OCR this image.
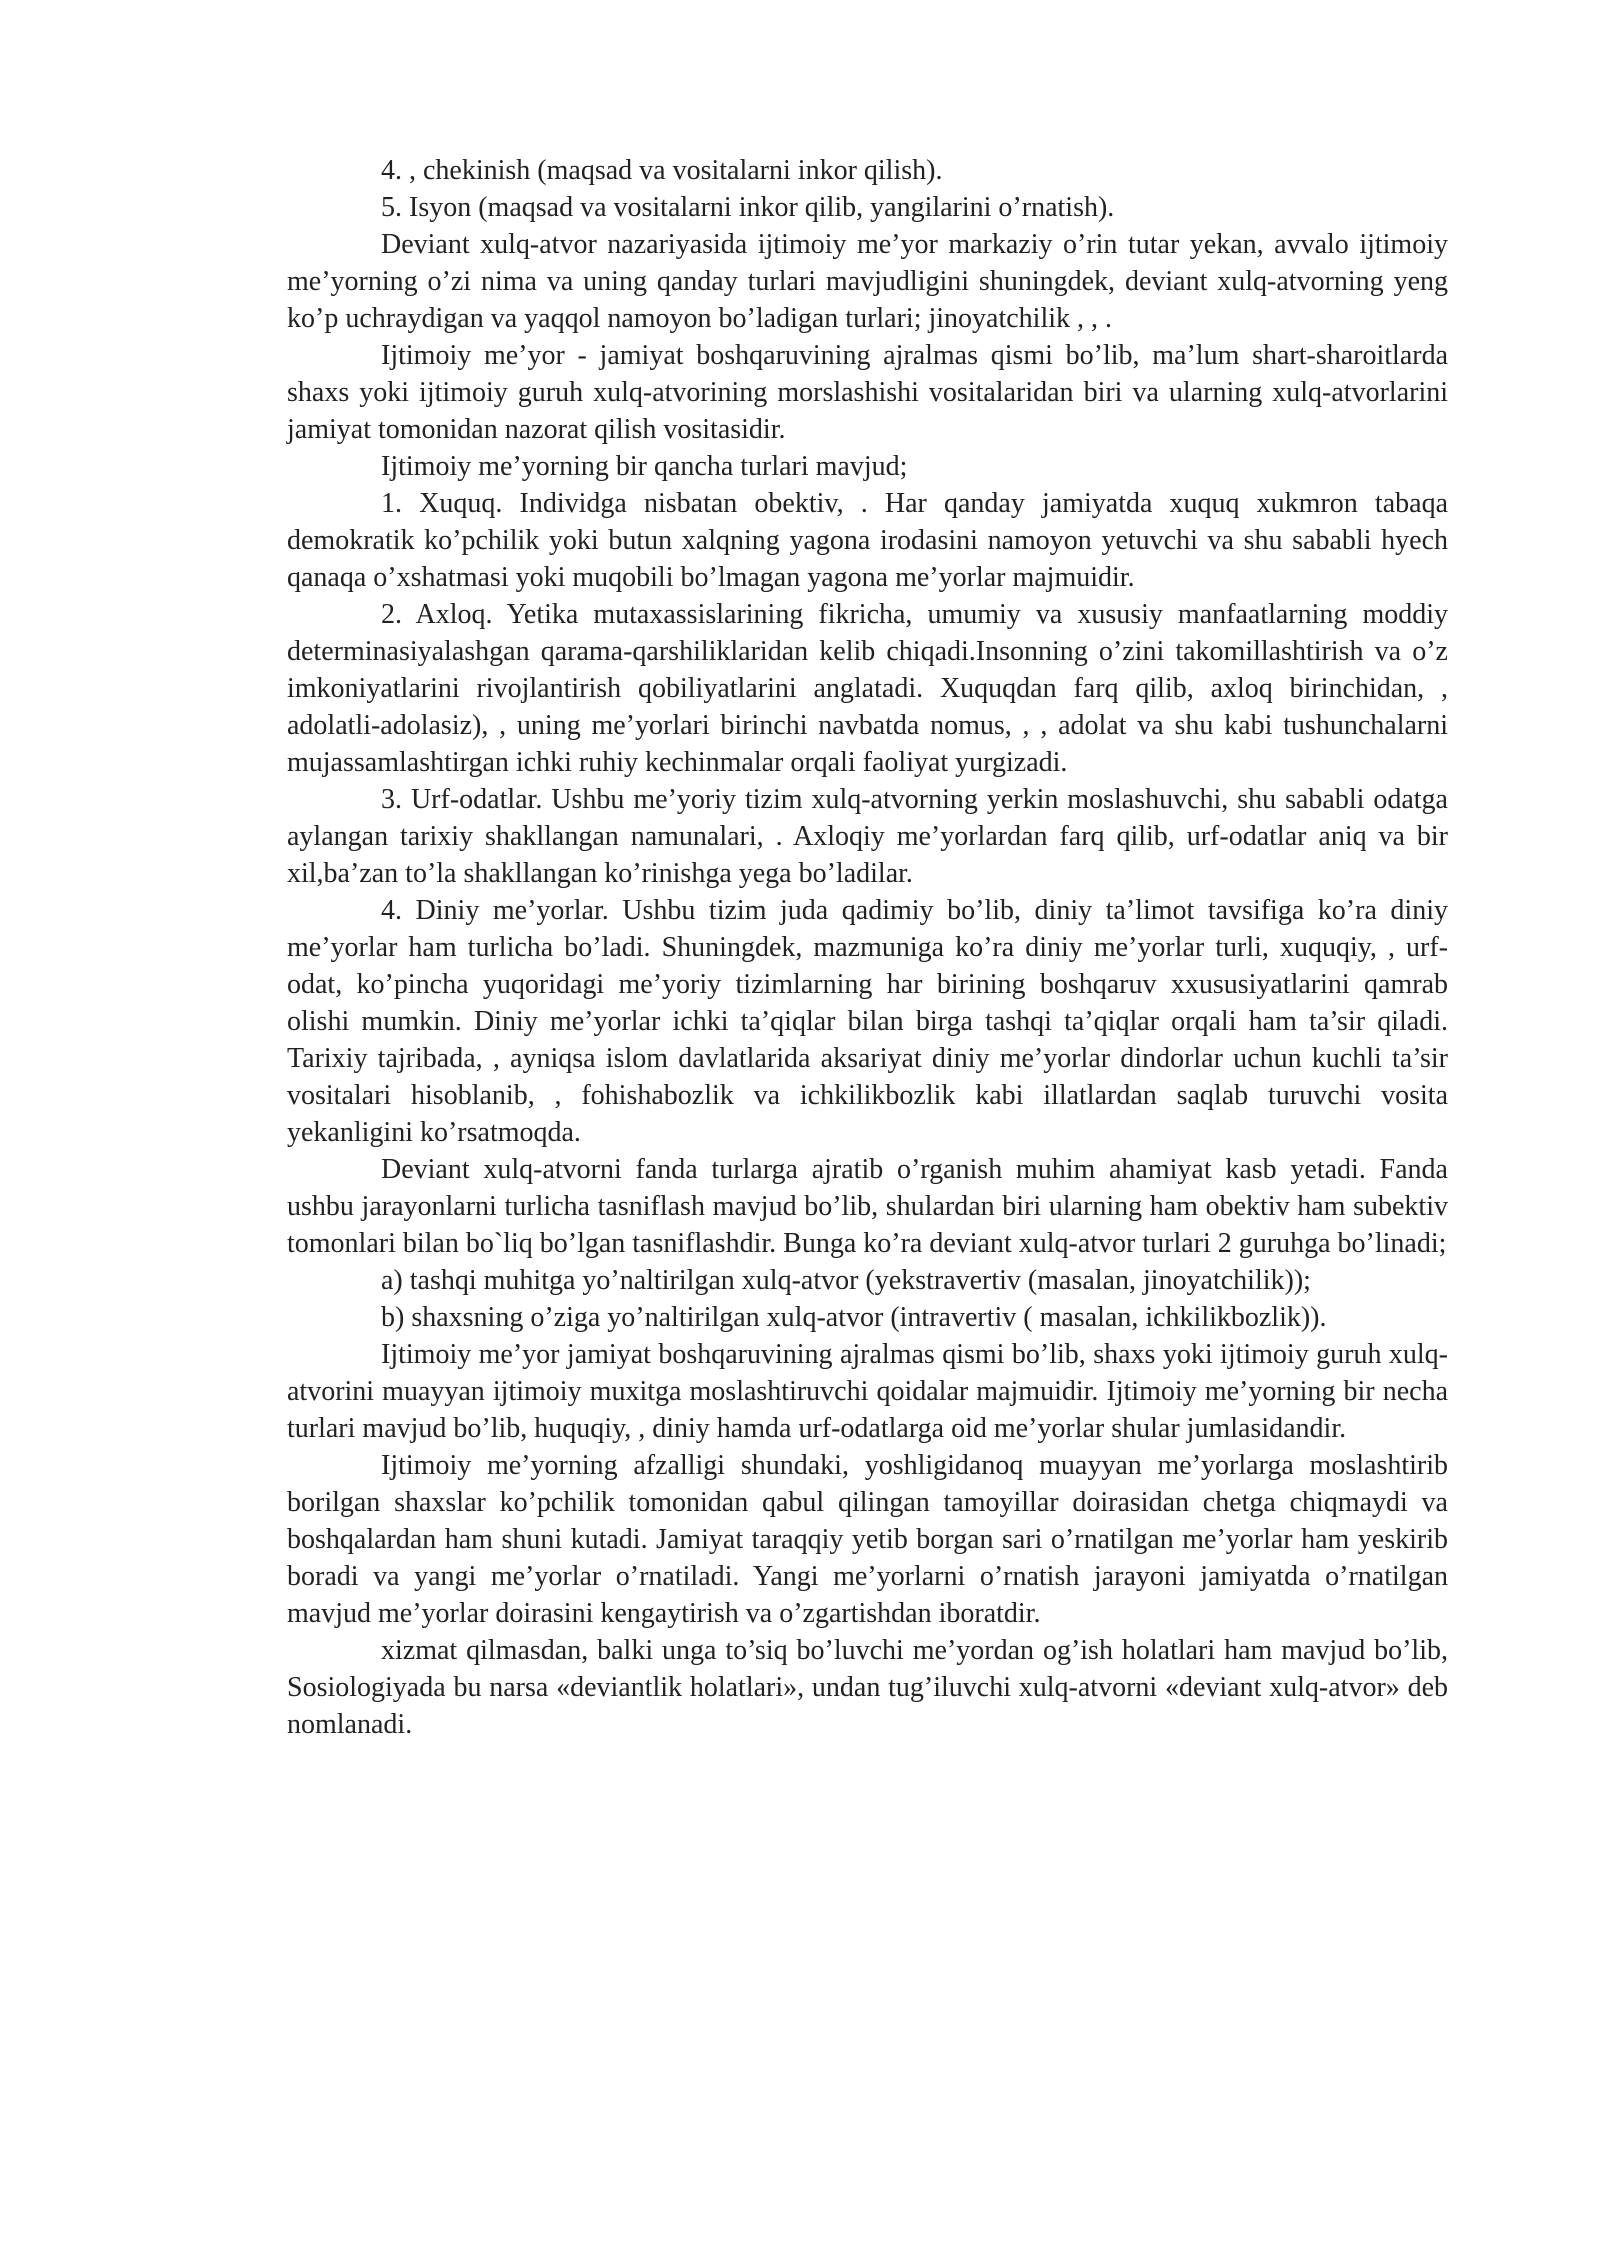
4. , chekinish (maqsad va vositalarni inkor qilish).

5. Isyon (maqsad va vositalarni inkor qilib, yangilarini o’rnatish).

Deviant xulq-atvor nazariyasida ijtimoiy me’yor markaziy o’rin tutar yekan, avvalo ijtimoiy me’yorning o’zi nima va uning qanday turlari mavjudligini shuningdek, deviant xulq-atvorning yeng ko’p uchraydigan va yaqqol namoyon bo’ladigan turlari; jinoyatchilik , , .

Ijtimoiy me’yor - jamiyat boshqaruvining ajralmas qismi bo’lib, ma’lum shart-sharoitlarda shaxs yoki ijtimoiy guruh xulq-atvorining morslashishi vositalaridan biri va ularning xulq-atvorlarini jamiyat tomonidan nazorat qilish vositasidir.

Ijtimoiy me’yorning bir qancha turlari mavjud;

1. Xuquq. Individga nisbatan obektiv, . Har qanday jamiyatda xuquq xukmron tabaqa demokratik ko’pchilik yoki butun xalqning yagona irodasini namoyon yetuvchi va shu sababli hyech qanaqa o’xshatmasi yoki muqobili bo’lmagan yagona me’yorlar majmuidir.

2. Axloq. Yetika mutaxassislarining fikricha, umumiy va xususiy manfaatlarning moddiy determinasiyalashgan qarama-qarshiliklaridan kelib chiqadi.Insonning o’zini takomillashtirish va o’z imkoniyatlarini rivojlantirish qobiliyatlarini anglatadi. Xuquqdan farq qilib, axloq birinchidan, , adolatli-adolasiz), , uning me’yorlari birinchi navbatda nomus, , , adolat va shu kabi tushunchalarni mujassamlashtirgan ichki ruhiy kechinmalar orqali faoliyat yurgizadi.

3. Urf-odatlar. Ushbu me’yoriy tizim xulq-atvorning yerkin moslashuvchi, shu sababli odatga aylangan tarixiy shakllangan namunalari, . Axloqiy me’yorlardan farq qilib, urf-odatlar aniq va bir xil,ba’zan to’la shakllangan ko’rinishga yega bo’ladilar.

4. Diniy me’yorlar. Ushbu tizim juda qadimiy bo’lib, diniy ta’limot tavsifiga ko’ra diniy me’yorlar ham turlicha bo’ladi. Shuningdek, mazmuniga ko’ra diniy me’yorlar turli, xuquqiy, , urf-odat, ko’pincha yuqoridagi me’yoriy tizimlarning har birining boshqaruv xxususiyatlarini qamrab olishi mumkin. Diniy me’yorlar ichki ta’qiqlar bilan birga tashqi ta’qiqlar orqali ham ta’sir qiladi. Tarixiy tajribada, , ayniqsa islom davlatlarida aksariyat diniy me’yorlar dindorlar uchun kuchli ta’sir vositalari hisoblanib, , fohishabozlik va ichkilikbozlik kabi illatlardan saqlab turuvchi vosita yekanligini ko’rsatmoqda.

Deviant xulq-atvorni fanda turlarga ajratib o’rganish muhim ahamiyat kasb yetadi. Fanda ushbu jarayonlarni turlicha tasniflash mavjud bo’lib, shulardan biri ularning ham obektiv ham subektiv tomonlari bilan bo`liq bo’lgan tasniflashdir. Bunga ko’ra deviant xulq-atvor turlari 2 guruhga bo’linadi;

a) tashqi muhitga yo’naltirilgan xulq-atvor (yekstravertiv (masalan, jinoyatchilik));

b) shaxsning o’ziga yo’naltirilgan xulq-atvor (intravertiv ( masalan, ichkilikbozlik)).

Ijtimoiy me’yor jamiyat boshqaruvining ajralmas qismi bo’lib, shaxs yoki ijtimoiy guruh xulq-atvorini muayyan ijtimoiy muxitga moslashtiruvchi qoidalar majmuidir. Ijtimoiy me’yorning bir necha turlari mavjud bo’lib, huquqiy, , diniy hamda urf-odatlarga oid me’yorlar shular jumlasidandir.

Ijtimoiy me’yorning afzalligi shundaki, yoshligidanoq muayyan me’yorlarga moslashtirib borilgan shaxslar ko’pchilik tomonidan qabul qilingan tamoyillar doirasidan chetga chiqmaydi va boshqalardan ham shuni kutadi. Jamiyat taraqqiy yetib borgan sari o’rnatilgan me’yorlar ham yeskirib boradi va yangi me’yorlar o’rnatiladi. Yangi me’yorlarni o’rnatish jarayoni jamiyatda o’rnatilgan mavjud me’yorlar doirasini kengaytirish va o’zgartishdan iboratdir.

xizmat qilmasdan, balki unga to’siq bo’luvchi me’yordan og’ish holatlari ham mavjud bo’lib, Sosiologiyada bu narsa «deviantlik holatlari», undan tug’iluvchi xulq-atvorni «deviant xulq-atvor» deb nomlanadi.
